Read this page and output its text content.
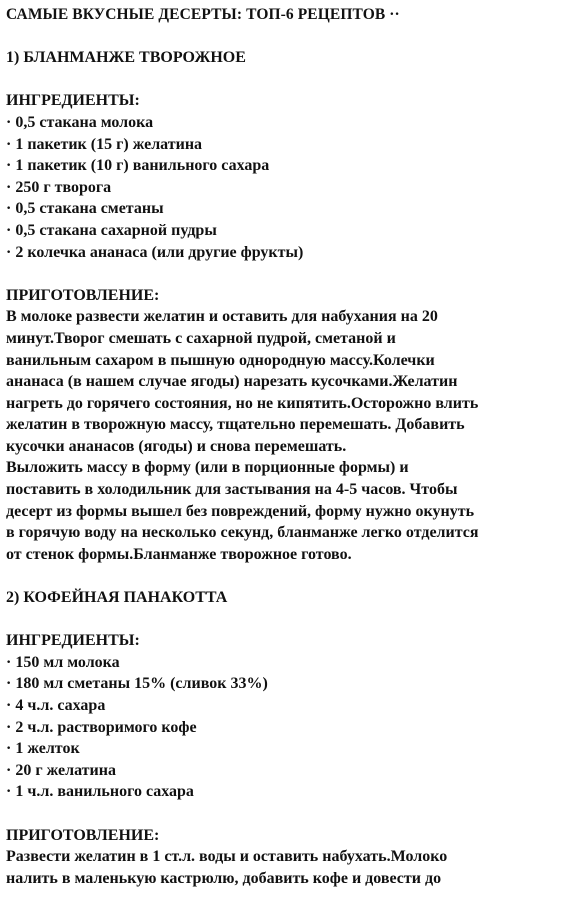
САМЫЕ ВКУСНЫЕ ДЕСЕРТЫ: ТОП-6 РЕЦЕПТОВ ··

1) БЛАНМАНЖЕ ТВОРОЖНОЕ

ИНГРЕДИЕНТЫ:

· 0,5 стакана молока

· 1 пакетик (15 г) желатина

· 1 пакетик (10 г) ванильного сахара

· 250 г творога

· 0,5 стакана сметаны

· 0,5 стакана сахарной пудры

· 2 колечка ананаса (или другие фрукты)

ПРИГОТОВЛЕНИЕ:

В молоке развести желатин и оставить для набухания на 20

минут.Творог смешать с сахарной пудрой, сметаной и

ванильным сахаром в пышную однородную массу.Колечки

ананаса (в нашем случае ягоды) нарезать кусочками.Желатин

нагреть до горячего состояния, но не кипятить.Осторожно влить

желатин в творожную массу, тщательно перемешать. Добавить

кусочки ананасов (ягоды) и снова перемешать.

Выложить массу в форму (или в порционные формы) и

поставить в холодильник для застывания на 4-5 часов. Чтобы

десерт из формы вышел без повреждений, форму нужно окунуть

в горячую воду на несколько секунд, бланманже легко отделится

от стенок формы.Бланманже творожное готово.

2) КОФЕЙНАЯ ПАНАКОТТА

ИНГРЕДИЕНТЫ:

· 150 мл молока

· 180 мл сметаны 15% (сливок 33%)

· 4 ч.л. сахара

· 2 ч.л. растворимого кофе

· 1 желток

· 20 г желатина

· 1 ч.л. ванильного сахара

ПРИГОТОВЛЕНИЕ:

Развести желатин в 1 ст.л. воды и оставить набухать.Молоко

налить в маленькую кастрюлю, добавить кофе и довести до
